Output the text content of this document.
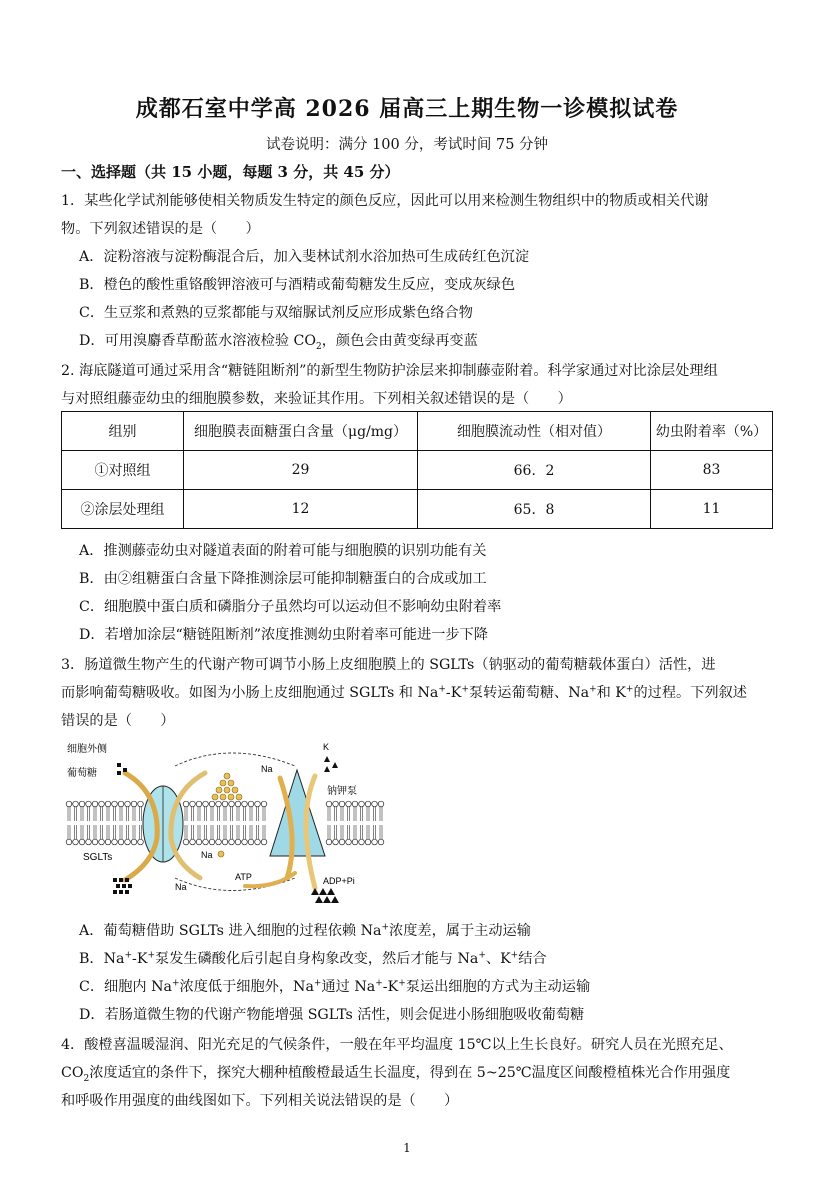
成都石室中学高 2026 届高三上期生物一诊模拟试卷
试卷说明：满分 100 分，考试时间 75 分钟
一、选择题（共 15 小题，每题 3 分，共 45 分）
1．某些化学试剂能够使相关物质发生特定的颜色反应，因此可以用来检测生物组织中的物质或相关代谢
物。下列叙述错误的是（　　）
A．淀粉溶液与淀粉酶混合后，加入斐林试剂水浴加热可生成砖红色沉淀
B．橙色的酸性重铬酸钾溶液可与酒精或葡萄糖发生反应，变成灰绿色
C．生豆浆和煮熟的豆浆都能与双缩脲试剂反应形成紫色络合物
D．可用溴麝香草酚蓝水溶液检验 $CO_2$，颜色会由黄变绿再变蓝
2. 海底隧道可通过采用含“糖链阻断剂”的新型生物防护涂层来抑制藤壶附着。科学家通过对比涂层处理组
与对照组藤壶幼虫的细胞膜参数，来验证其作用。下列相关叙述错误的是（　　）
组别	细胞膜表面糖蛋白含量（μg/mg）	细胞膜流动性（相对值）	幼虫附着率（%）
①对照组	29	66．2	83
②涂层处理组	12	65．8	11
A．推测藤壶幼虫对隧道表面的附着可能与细胞膜的识别功能有关
B．由②组糖蛋白含量下降推测涂层可能抑制糖蛋白的合成或加工
C．细胞膜中蛋白质和磷脂分子虽然均可以运动但不影响幼虫附着率
D．若增加涂层“糖链阻断剂”浓度推测幼虫附着率可能进一步下降
3．肠道微生物产生的代谢产物可调节小肠上皮细胞膜上的 SGLTs（钠驱动的葡萄糖载体蛋白）活性，进
而影响葡萄糖吸收。如图为小肠上皮细胞通过 SGLTs 和 Na+-K+泵转运葡萄糖、Na+和 K+的过程。下列叙述
错误的是（　　）
细胞外侧
葡萄糖
SGLTs
Na
Na
Na
K
钠钾泵
ATP	ADP+Pi
A．葡萄糖借助 SGLTs 进入细胞的过程依赖 Na+浓度差，属于主动运输
B．Na+-K+泵发生磷酸化后引起自身构象改变，然后才能与 Na+、K+结合
C．细胞内 Na+浓度低于细胞外，Na+通过 Na+-K+泵运出细胞的方式为主动运输
D．若肠道微生物的代谢产物能增强 SGLTs 活性，则会促进小肠细胞吸收葡萄糖
4．酸橙喜温暖湿润、阳光充足的气候条件，一般在年平均温度 15℃以上生长良好。研究人员在光照充足、
$CO_2$浓度适宜的条件下，探究大棚种植酸橙最适生长温度，得到在 5~25℃温度区间酸橙植株光合作用强度
和呼吸作用强度的曲线图如下。下列相关说法错误的是（　　）
1
